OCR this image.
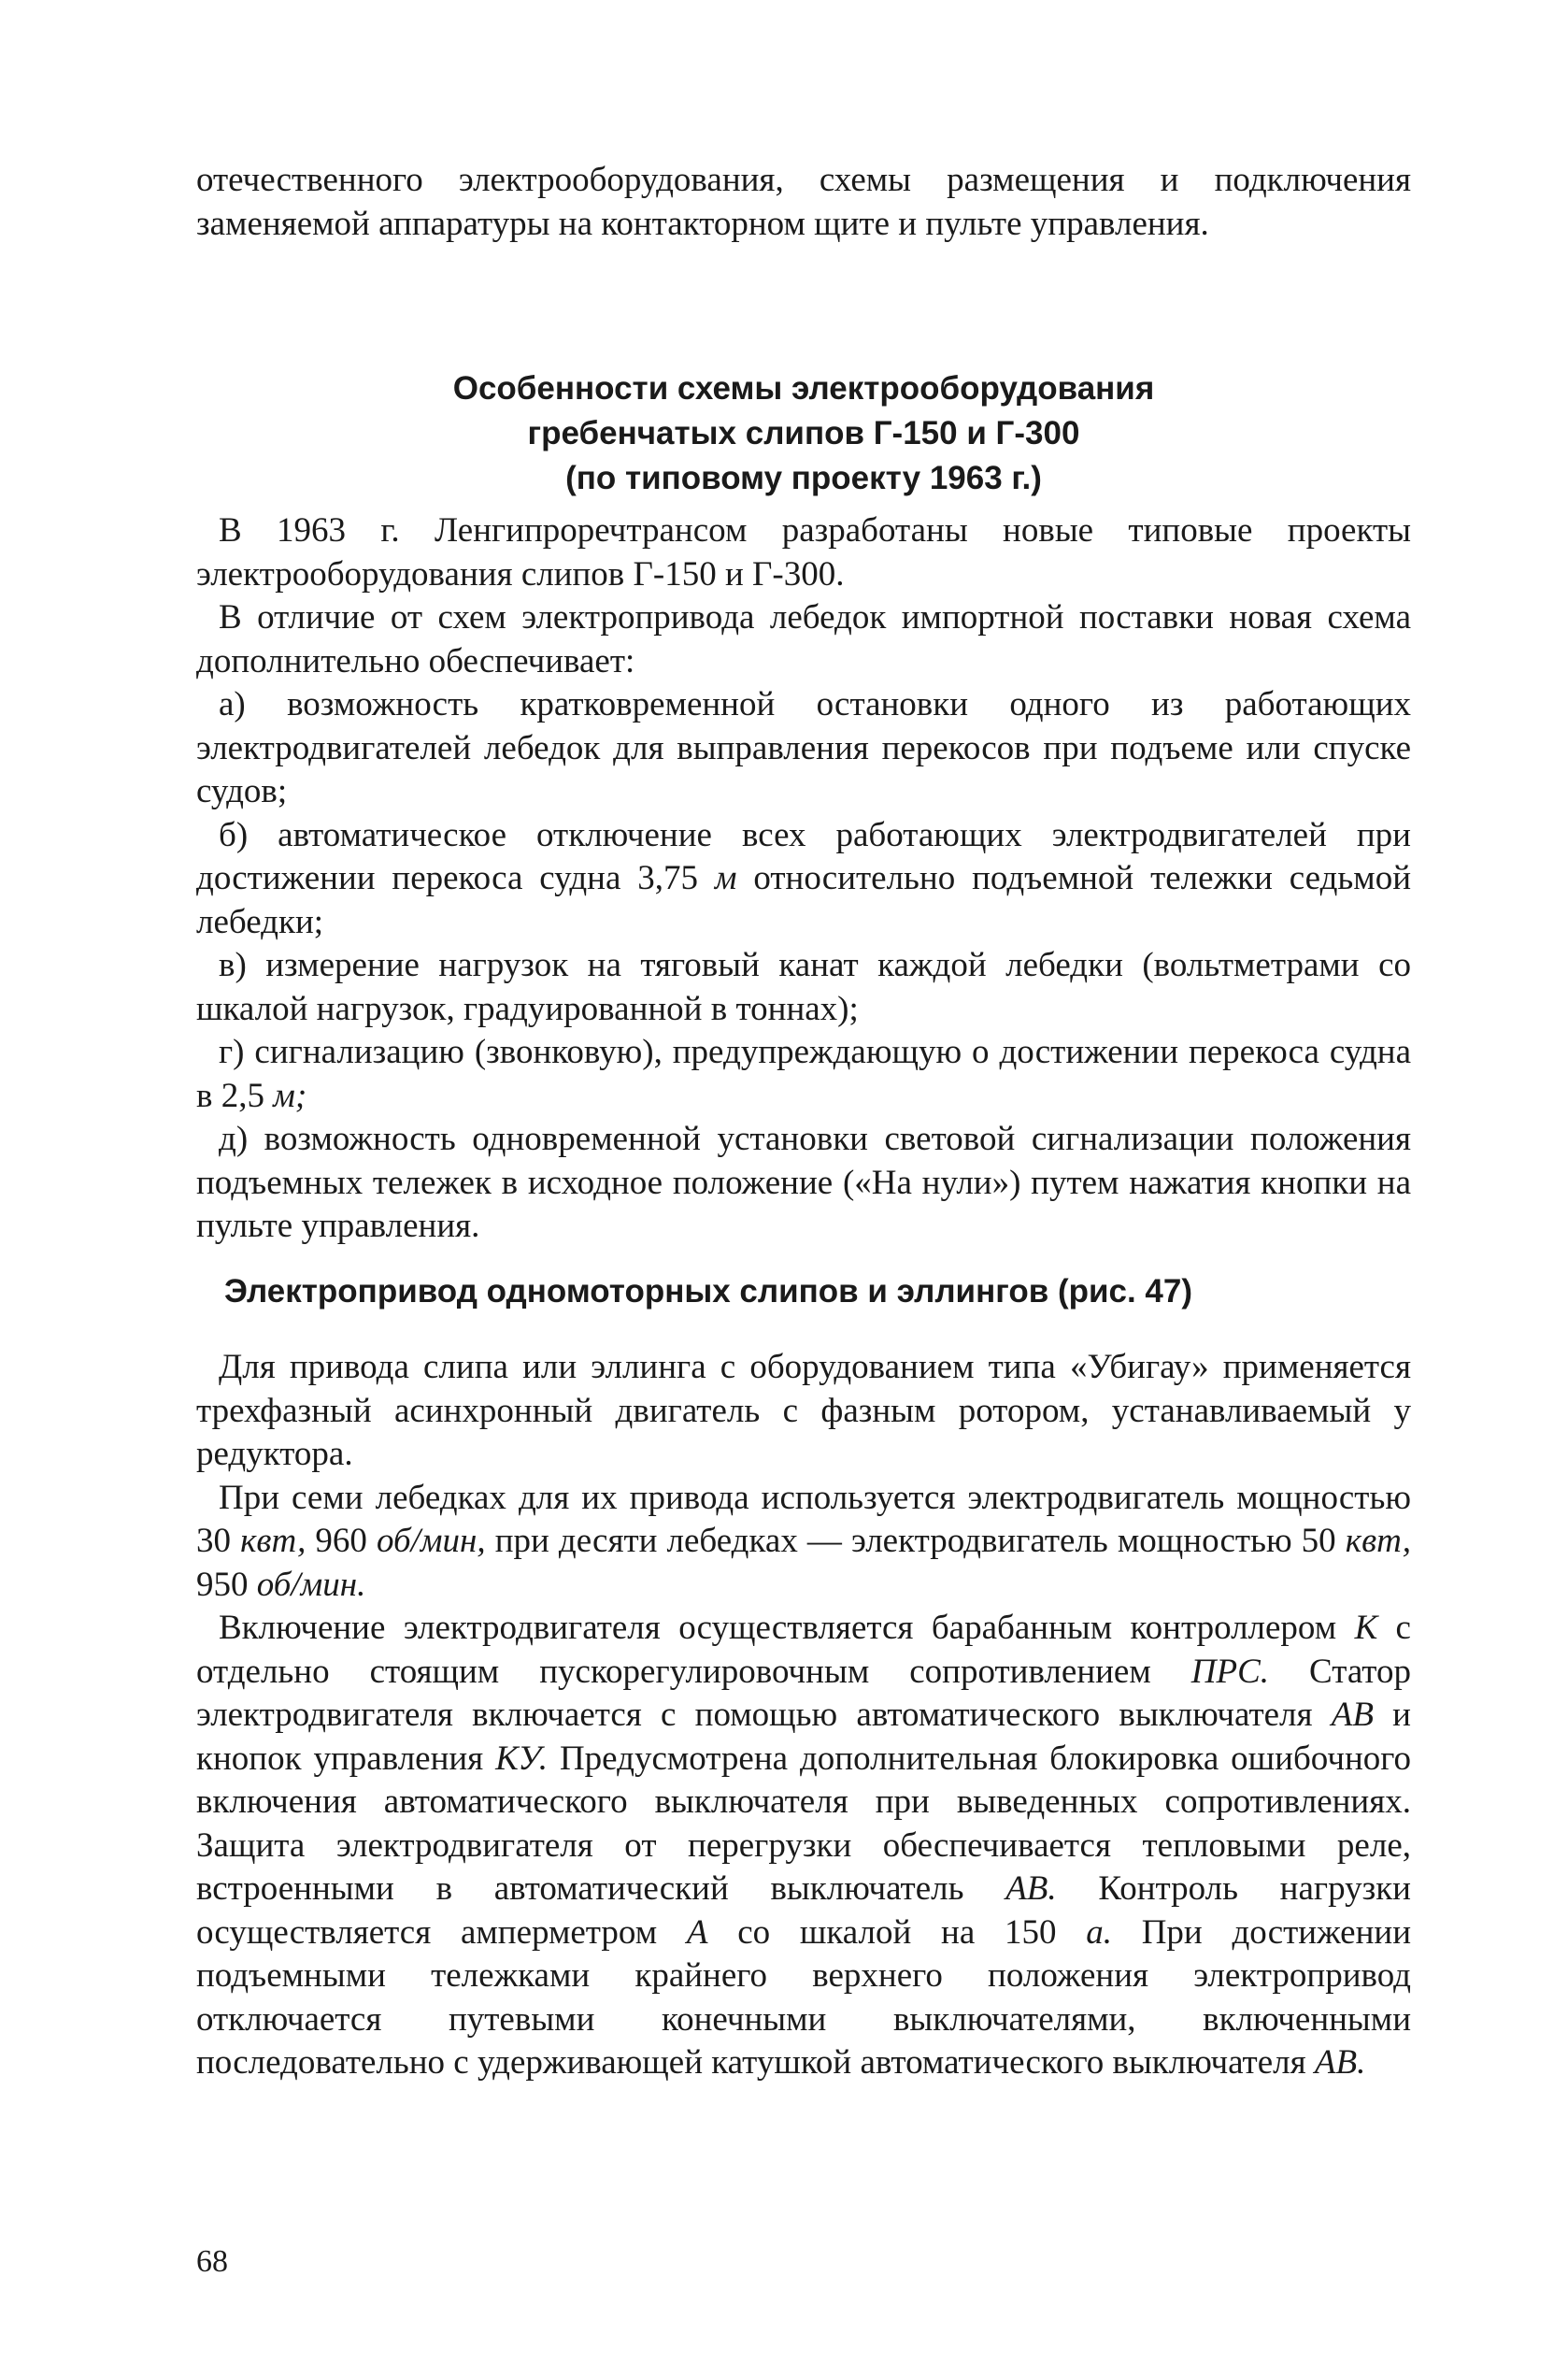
отечественного электрооборудования, схемы размещения и подключения заменяемой аппаратуры на контакторном щите и пульте управления.

Особенности схемы электрооборудования
гребенчатых слипов Г-150 и Г-300
(по типовому проекту 1963 г.)

В 1963 г. Ленгипроречтрансом разработаны новые типовые проекты электрооборудования слипов Г-150 и Г-300.

В отличие от схем электропривода лебедок импортной поставки новая схема дополнительно обеспечивает:

а) возможность кратковременной остановки одного из работающих электродвигателей лебедок для выправления перекосов при подъеме или спуске судов;

б) автоматическое отключение всех работающих электродвигателей при достижении перекоса судна 3,75 м относительно подъемной тележки седьмой лебедки;

в) измерение нагрузок на тяговый канат каждой лебедки (вольтметрами со шкалой нагрузок, градуированной в тоннах);

г) сигнализацию (звонковую), предупреждающую о достижении перекоса судна в 2,5 м;

д) возможность одновременной установки световой сигнализации положения подъемных тележек в исходное положение («На нули») путем нажатия кнопки на пульте управления.

Электропривод одномоторных слипов и эллингов (рис. 47)

Для привода слипа или эллинга с оборудованием типа «Убигау» применяется трехфазный асинхронный двигатель с фазным ротором, устанавливаемый у редуктора.

При семи лебедках для их привода используется электродвигатель мощностью 30 квт, 960 об/мин, при десяти лебедках — электродвигатель мощностью 50 квт, 950 об/мин.

Включение электродвигателя осуществляется барабанным контроллером К с отдельно стоящим пускорегулировочным сопротивлением ПРС. Статор электродвигателя включается с помощью автоматического выключателя АВ и кнопок управления КУ. Предусмотрена дополнительная блокировка ошибочного включения автоматического выключателя при выведенных сопротивлениях. Защита электродвигателя от перегрузки обеспечивается тепловыми реле, встроенными в автоматический выключатель АВ. Контроль нагрузки осуществляется амперметром А со шкалой на 150 а. При достижении подъемными тележками крайнего верхнего положения электропривод отключается путевыми конечными выключателями, включенными последовательно с удерживающей катушкой автоматического выключателя АВ.

68
